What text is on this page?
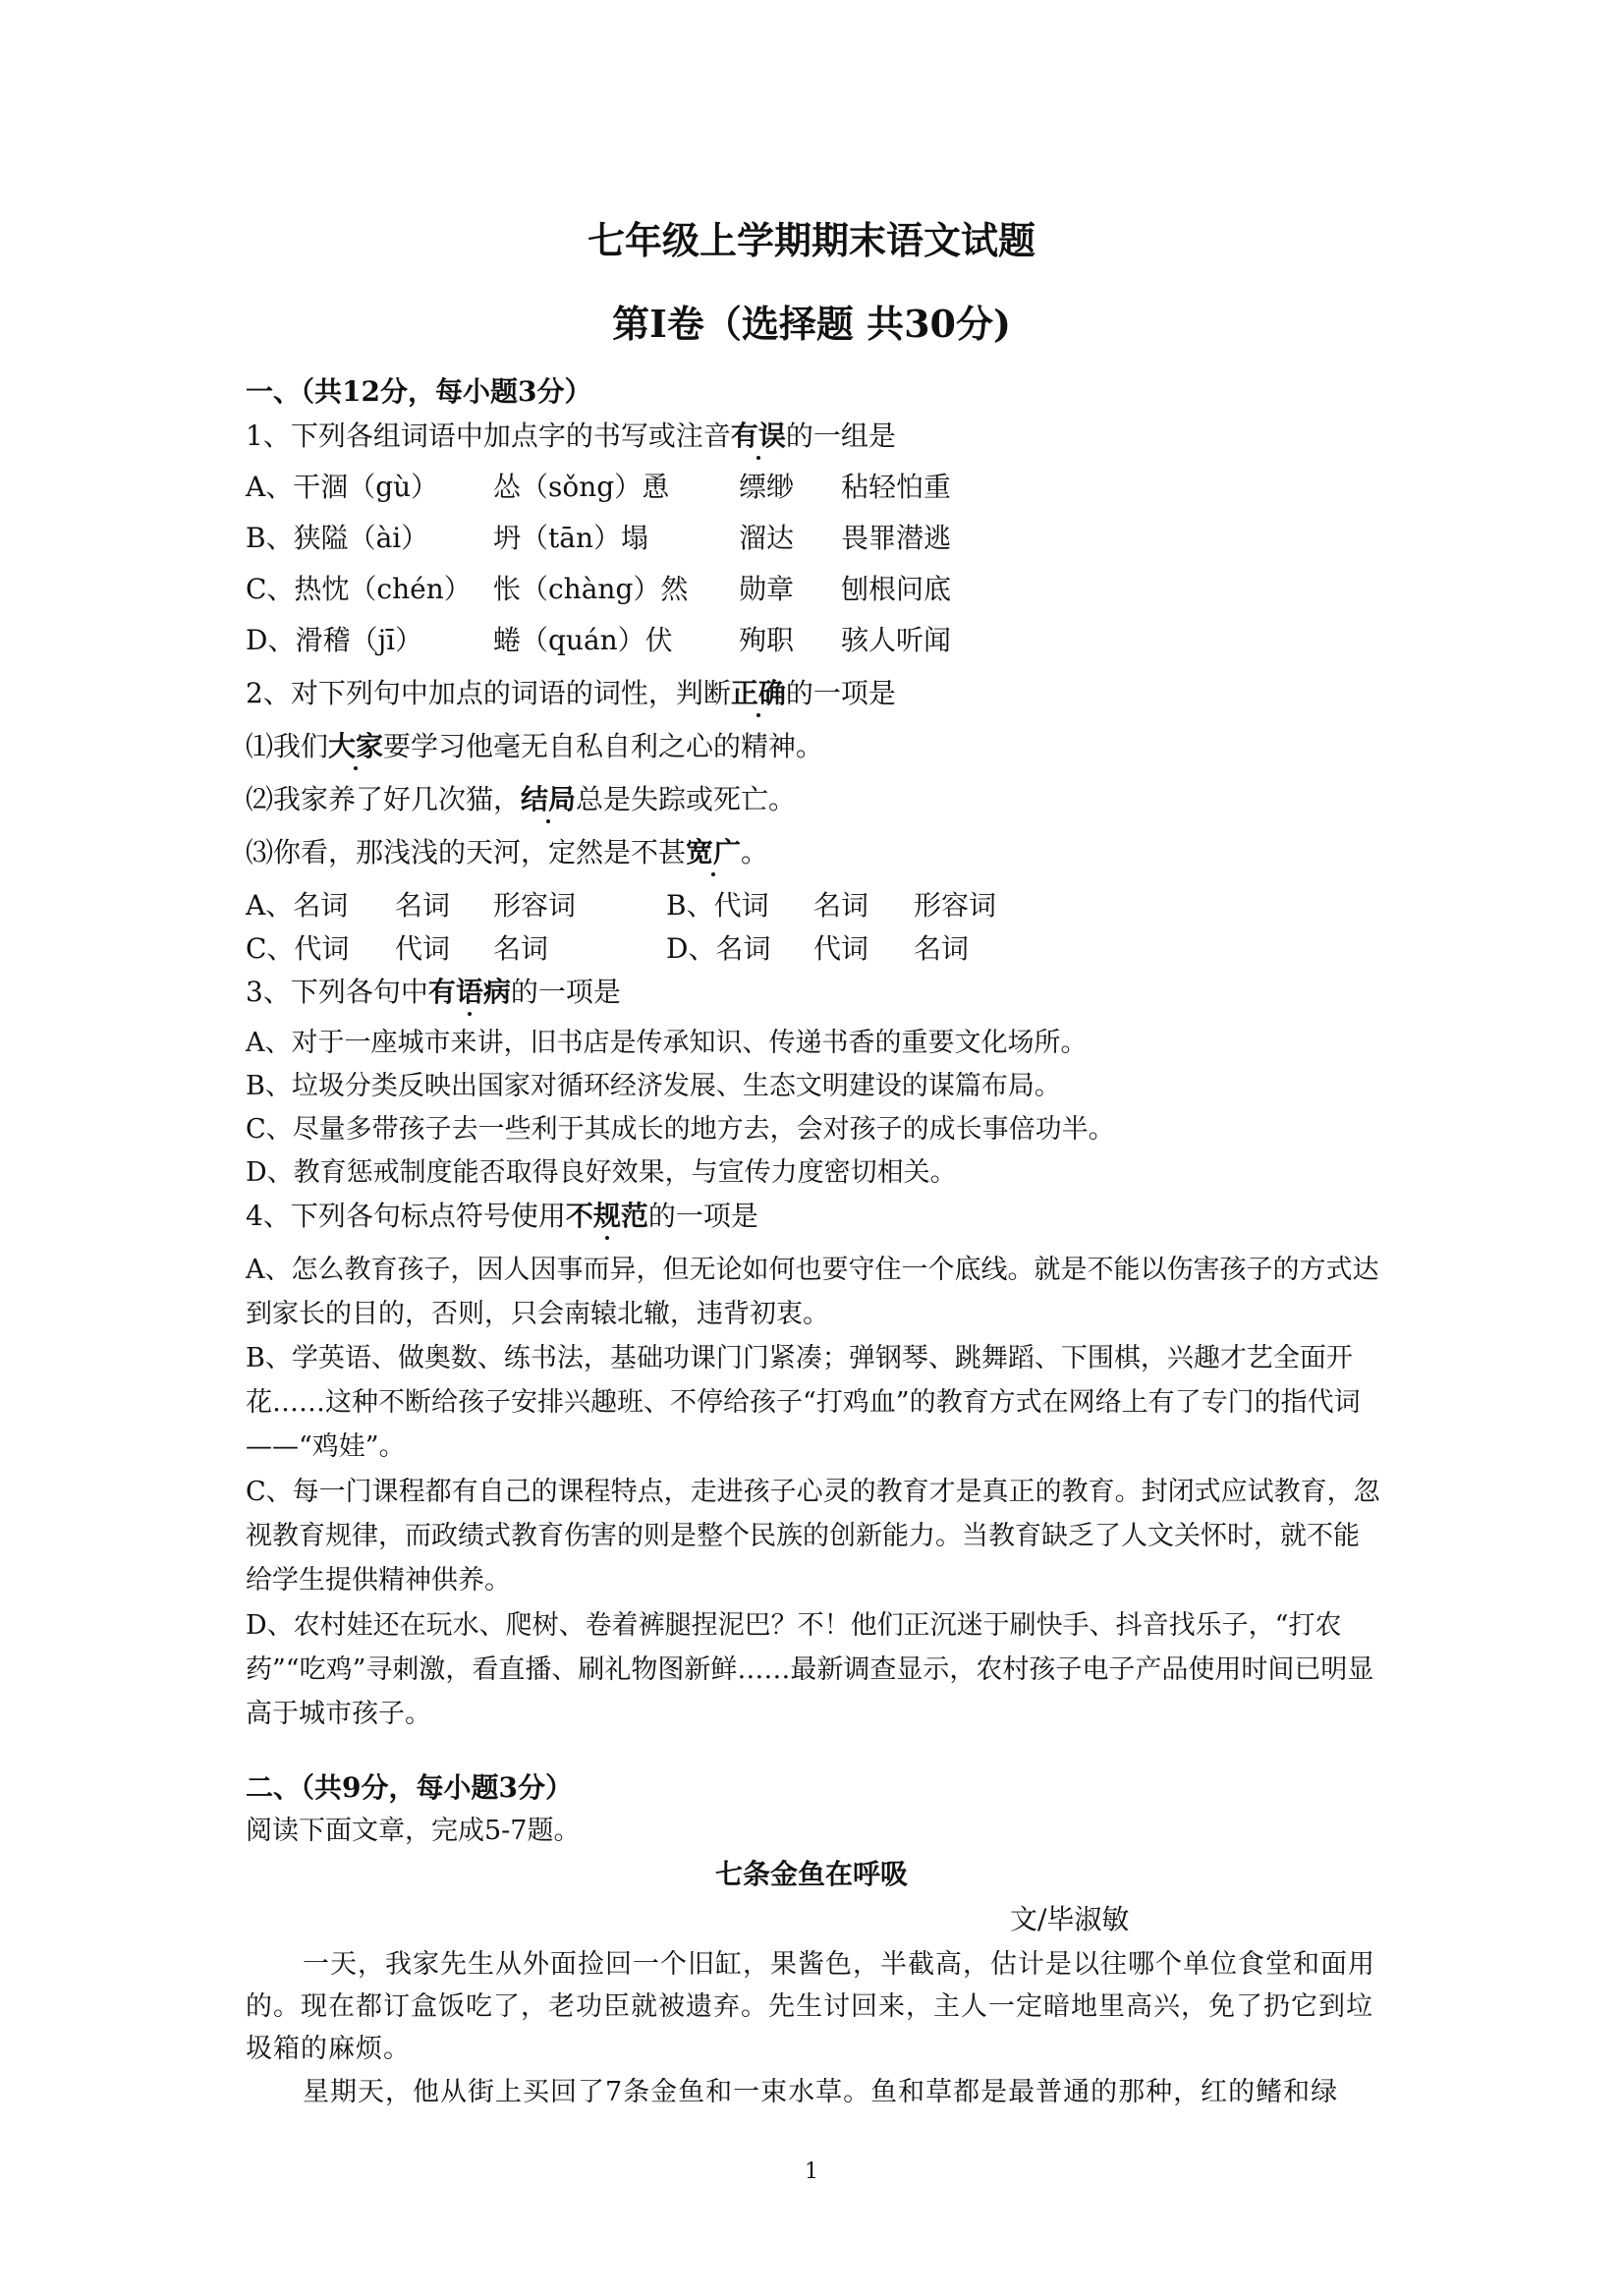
七年级上学期期末语文试题
第Ⅰ卷（选择题 共30分)
一、（共12分，每小题3分）
1、下列各组词语中加点字的书写或注音有误的一组是
A、干涸（gù） 怂（sǒng）恿	缥缈 秥轻怕重
B、狭隘（ài） 坍（tān）塌	溜达 畏罪潜逃
C、热忱（chén） 怅（chàng）然 勋章 刨根问底
D、滑稽（jī）	蜷（quán）伏 殉职 骇人听闻
2、对下列句中加点的词语的词性，判断正确的一项是
⑴我们大家要学习他毫无自私自利之心的精神。
⑵我家养了好几次猫，结局总是失踪或死亡。
⑶你看，那浅浅的天河，定然是不甚宽广。
A、名词 名词 形容词	B、代词 名词 形容词
C、代词 代词 名词	D、名词 代词 名词
3、下列各句中有语病的一项是
A、对于一座城市来讲，旧书店是传承知识、传递书香的重要文化场所。
B、垃圾分类反映出国家对循环经济发展、生态文明建设的谋篇布局。
C、尽量多带孩子去一些利于其成长的地方去，会对孩子的成长事倍功半。
D、教育惩戒制度能否取得良好效果，与宣传力度密切相关。
4、下列各句标点符号使用不规范的一项是
A、怎么教育孩子，因人因事而异，但无论如何也要守住一个底线。就是不能以伤害孩子的方式达到家长的目的，否则，只会南辕北辙，违背初衷。
B、学英语、做奥数、练书法，基础功课门门紧凑；弹钢琴、跳舞蹈、下围棋，兴趣才艺全面开花……这种不断给孩子安排兴趣班、不停给孩子“打鸡血”的教育方式在网络上有了专门的指代词——“鸡娃”。
C、每一门课程都有自己的课程特点，走进孩子心灵的教育才是真正的教育。封闭式应试教育，忽视教育规律，而政绩式教育伤害的则是整个民族的创新能力。当教育缺乏了人文关怀时，就不能给学生提供精神供养。
D、农村娃还在玩水、爬树、卷着裤腿捏泥巴？不！他们正沉迷于刷快手、抖音找乐子，“打农药”“吃鸡”寻刺激，看直播、刷礼物图新鲜……最新调查显示，农村孩子电子产品使用时间已明显高于城市孩子。
二、（共9分，每小题3分）
阅读下面文章，完成5-7题。
七条金鱼在呼吸
文/毕淑敏
一天，我家先生从外面捡回一个旧缸，果酱色，半截高，估计是以往哪个单位食堂和面用的。现在都订盒饭吃了，老功臣就被遗弃。先生讨回来，主人一定暗地里高兴，免了扔它到垃圾箱的麻烦。
星期天，他从街上买回了7条金鱼和一束水草。鱼和草都是最普通的那种，红的鳍和绿
1
